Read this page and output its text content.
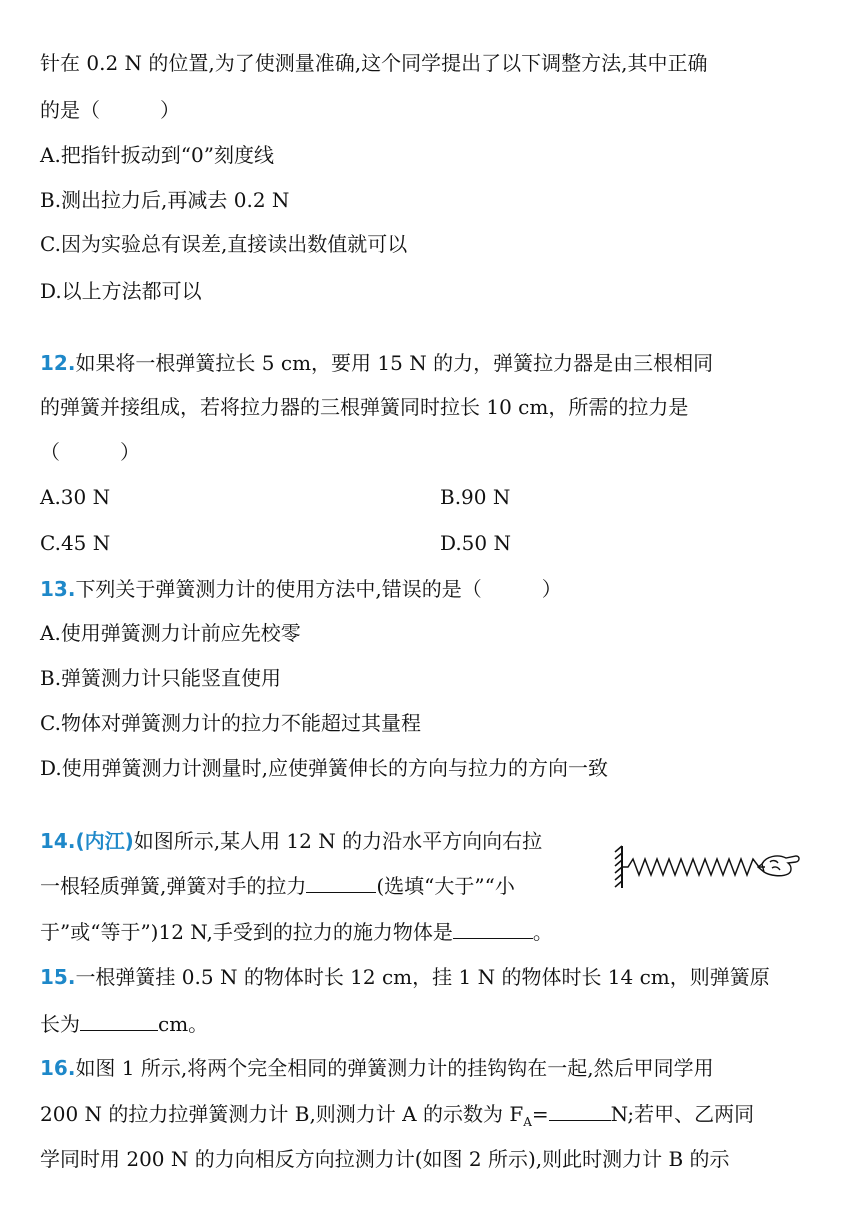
针在 0.2 N 的位置,为了使测量准确,这个同学提出了以下调整方法,其中正确
的是（　　　）
A.把指针扳动到“0”刻度线
B.测出拉力后,再减去 0.2 N
C.因为实验总有误差,直接读出数值就可以
D.以上方法都可以
12.如果将一根弹簧拉长 5 cm，要用 15 N 的力，弹簧拉力器是由三根相同
的弹簧并接组成，若将拉力器的三根弹簧同时拉长 10 cm，所需的拉力是
（　　　）
A.30 N	B.90 N
C.45 N	D.50 N
13.下列关于弹簧测力计的使用方法中,错误的是（　　　）
A.使用弹簧测力计前应先校零
B.弹簧测力计只能竖直使用
C.物体对弹簧测力计的拉力不能超过其量程
D.使用弹簧测力计测量时,应使弹簧伸长的方向与拉力的方向一致
14.(内江)如图所示,某人用 12 N 的力沿水平方向向右拉
一根轻质弹簧,弹簧对手的拉力	(选填“大于”“小
于”或“等于”)12 N,手受到的拉力的施力物体是	。
15.一根弹簧挂 0.5 N 的物体时长 12 cm，挂 1 N 的物体时长 14 cm，则弹簧原
长为	cm。
16.如图 1 所示,将两个完全相同的弹簧测力计的挂钩钩在一起,然后甲同学用
200 N 的拉力拉弹簧测力计 B,则测力计 A 的示数为 $F_A=$	N;若甲、乙两同
学同时用 200 N 的力向相反方向拉测力计(如图 2 所示),则此时测力计 B 的示
